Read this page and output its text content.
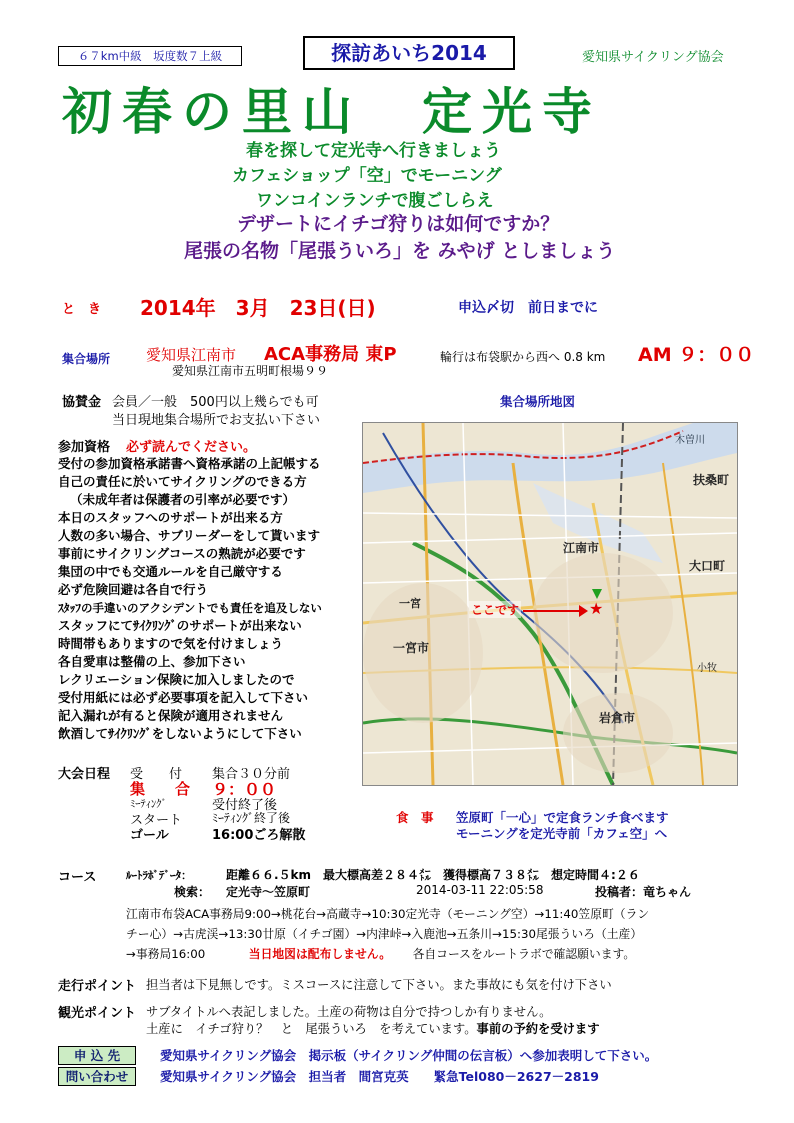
６７km中級　坂度数７上級	探訪あいち2014	愛知県サイクリング協会
初春の里山　定光寺
春を探して定光寺へ行きましょう
カフェショップ「空」でモーニング
ワンコインランチで腹ごしらえ
デザートにイチゴ狩りは如何ですか？
尾張の名物「尾張ういろ」を みやげ としましょう
と　き 2014年　3月　23日(日)	申込〆切　前日までに
集合場所 愛知県江南市 ACA事務局 東P	輪行は布袋駅から西へ 0.8 km AM ９：００
愛知県江南市五明町根場９９
協賛金 会員／一般　500円以上幾らでも可
当日現地集合場所でお支払い下さい
集合場所地図
木曽川
扶桑町
江南市
大口町
一宮市
一宮
岩倉市
小牧
ここです	★
参加資格 必ず読んでください。
受付の参加資格承諾書へ資格承諾の上記帳する
自己の責任に於いてサイクリングのできる方
（未成年者は保護者の引率が必要です）
本日のスタッフへのサポートが出来る方
人数の多い場合、サブリーダーをして貰います
事前にサイクリングコースの熟読が必要です
集団の中でも交通ルールを自己厳守する
必ず危険回避は各自で行う
ｽﾀｯﾌの手違いのアクシデントでも責任を追及しない
スタッフにてｻｲｸﾘﾝｸﾞのサポートが出来ない
時間帯もありますので気を付けましょう
各自愛車は整備の上、参加下さい
レクリエーション保険に加入しましたので
受付用紙には必ず必要事項を記入して下さい
記入漏れが有ると保険が適用されません
飲酒してｻｲｸﾘﾝｸﾞをしないようにして下さい
大会日程 受　　付 集合３０分前
集　　合 ９：００
ﾐｰﾃｨﾝｸﾞ	受付終了後
スタート ﾐｰﾃｨﾝｸﾞ終了後
ゴール	16:00ごろ解散
食　事 笠原町「一心」で定食ランチ食べます
モーニングを定光寺前「カフェ空」へ
コース	ﾙｰﾄﾗﾎﾞﾃﾞｰﾀ：	距離６６.５km　最大標高差２８４㍍　獲得標高７３８㍍　想定時間４:２６
検索： 定光寺〜笠原町	2014-03-11 22:05:58	投稿者：竜ちゃん
江南市布袋ACA事務局9:00→桃花台→高蔵寺→10:30定光寺（モーニング空）→11:40笠原町（ラン
チー心）→古虎渓→13:30廿原（イチゴ園）→内津峠→入鹿池→五条川→15:30尾張ういろ（土産）
→事務局16:00	当日地図は配布しません。 各自コースをルートラボで確認願います。
走行ポイント 担当者は下見無しです。ミスコースに注意して下さい。また事故にも気を付け下さい
観光ポイント サブタイトルへ表記しました。土産の荷物は自分で持つしか有りません。
土産に　イチゴ狩り？　と　尾張ういろ　を考えています。事前の予約を受けます
申 込 先	愛知県サイクリング協会　掲示板（サイクリング仲間の伝言板）へ参加表明して下さい。
問い合わせ	愛知県サイクリング協会　担当者　間宮克英　　緊急Tel080－2627－2819
